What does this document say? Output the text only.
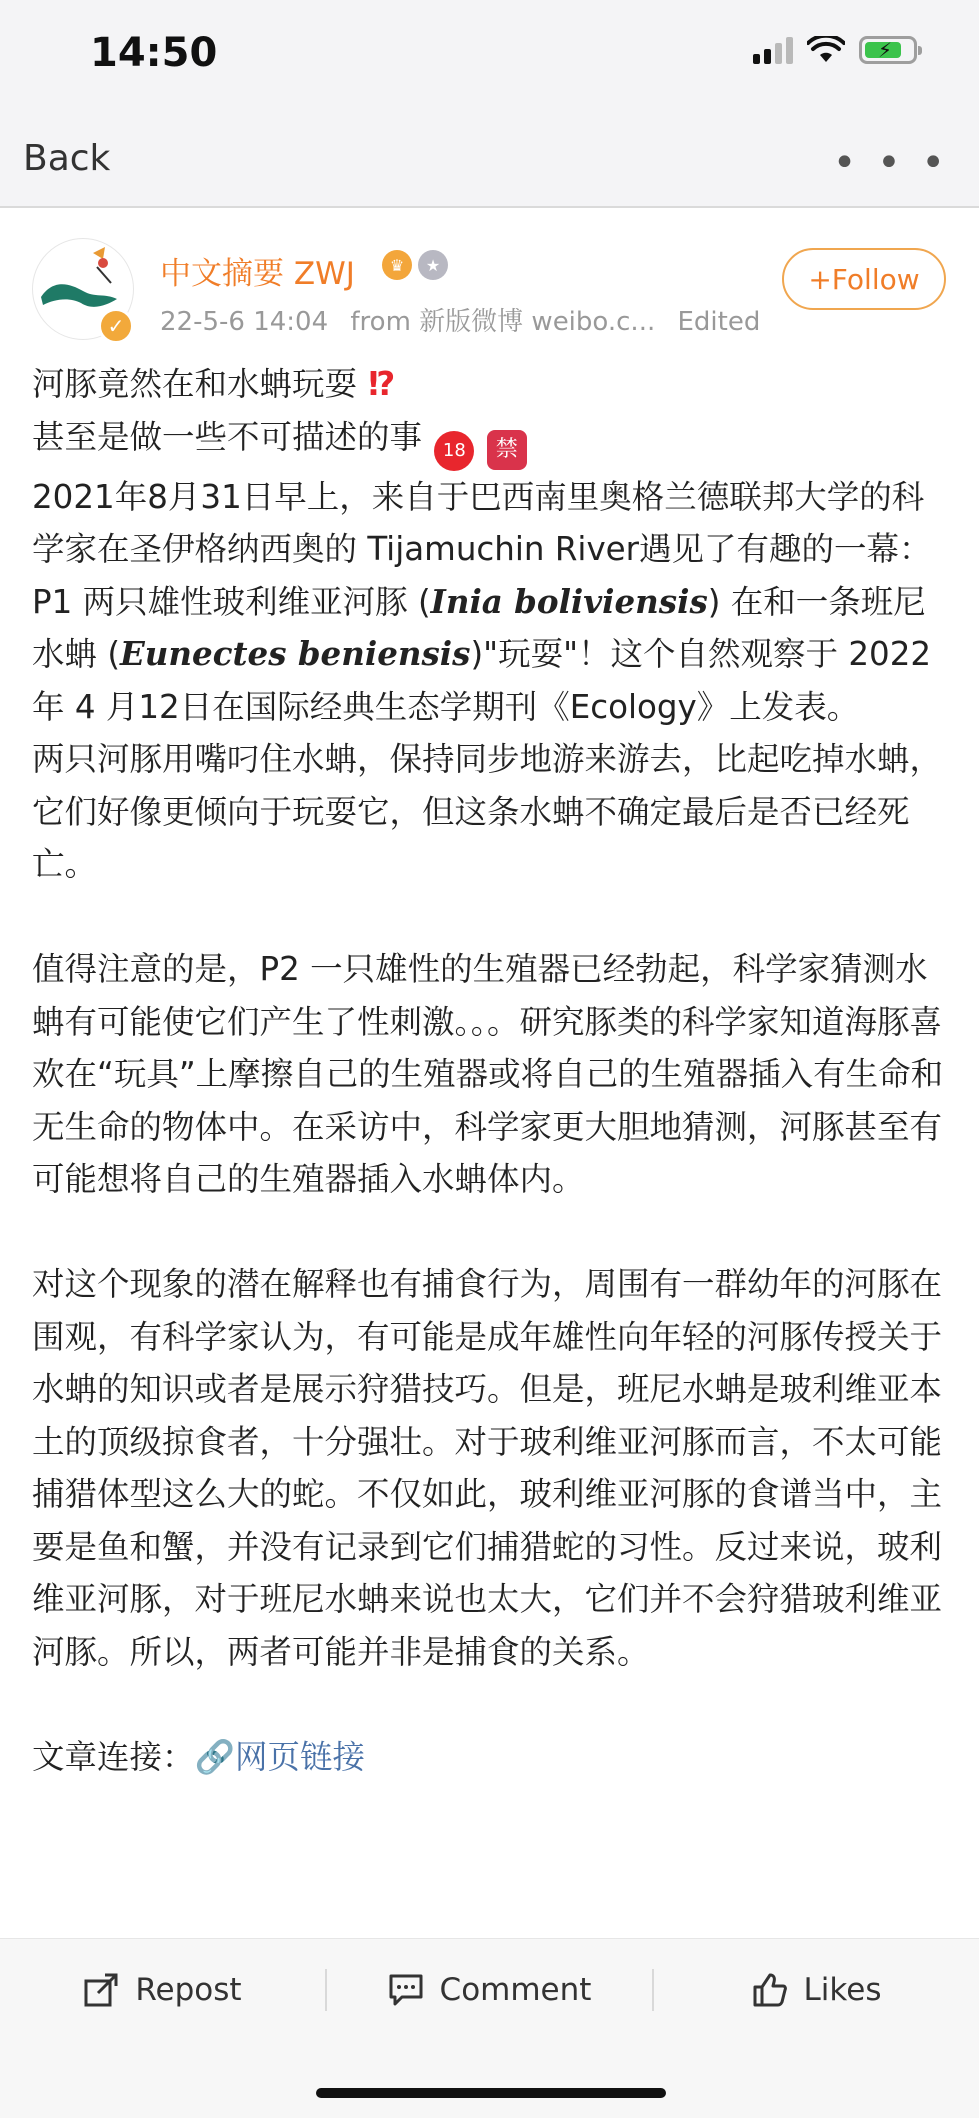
14:50	⚡
Back	• • •
✓
中文摘要 ZWJ	♛	★
22-5-6 14:04 from 新版微博 weibo.c... Edited
+Follow

河豚竟然在和水蚺玩耍 ⁉

甚至是做一些不可描述的事 18 禁

2021年8月31日早上，来自于巴西南里奥格兰德联邦大学的科学家在圣伊格纳西奥的 Tijamuchin River遇见了有趣的一幕：P1 两只雄性玻利维亚河豚 (Inia boliviensis) 在和一条班尼水蚺 (Eunectes beniensis)"玩耍"！这个自然观察于 2022 年 4 月12日在国际经典生态学期刊《Ecology》上发表。

两只河豚用嘴叼住水蚺，保持同步地游来游去，比起吃掉水蚺，它们好像更倾向于玩耍它，但这条水蚺不确定最后是否已经死亡。

值得注意的是，P2 一只雄性的生殖器已经勃起，科学家猜测水蚺有可能使它们产生了性刺激。。。研究豚类的科学家知道海豚喜欢在“玩具”上摩擦自己的生殖器或将自己的生殖器插入有生命和无生命的物体中。在采访中，科学家更大胆地猜测，河豚甚至有可能想将自己的生殖器插入水蚺体内。

对这个现象的潜在解释也有捕食行为，周围有一群幼年的河豚在围观，有科学家认为，有可能是成年雄性向年轻的河豚传授关于水蚺的知识或者是展示狩猎技巧。但是，班尼水蚺是玻利维亚本土的顶级掠食者，十分强壮。对于玻利维亚河豚而言，不太可能捕猎体型这么大的蛇。不仅如此，玻利维亚河豚的食谱当中，主要是鱼和蟹，并没有记录到它们捕猎蛇的习性。反过来说，玻利维亚河豚，对于班尼水蚺来说也太大，它们并不会狩猎玻利维亚河豚。所以，两者可能并非是捕食的关系。

文章连接：🔗网页链接

Repost	Comment	Likes
